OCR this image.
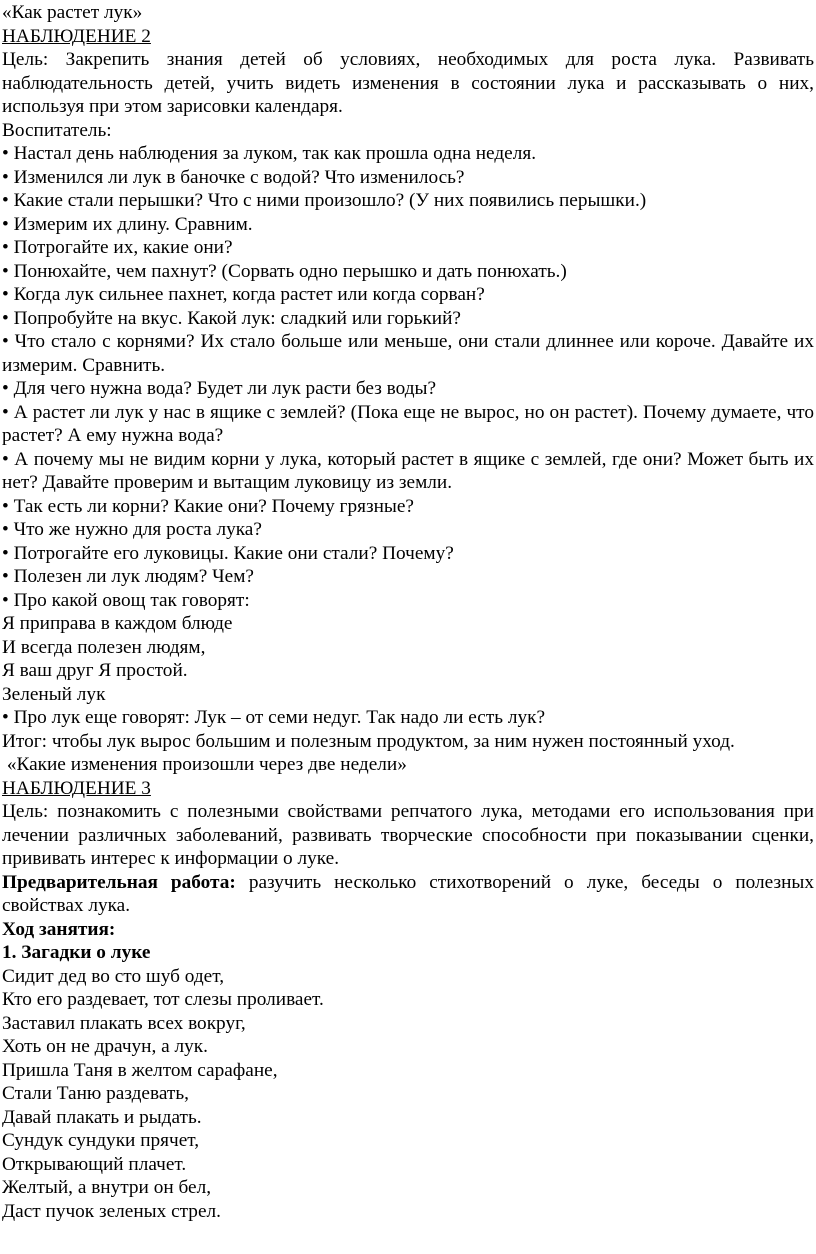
«Как растет лук»
НАБЛЮДЕНИЕ 2

Цель: Закрепить знания детей об условиях, необходимых для роста лука. Развивать наблюдательность детей, учить видеть изменения в состоянии лука и рассказывать о них, используя при этом зарисовки календаря.

Воспитатель:
• Настал день наблюдения за луком, так как прошла одна неделя.
• Изменился ли лук в баночке с водой? Что изменилось?
• Какие стали перышки? Что с ними произошло? (У них появились перышки.)
• Измерим их длину. Сравним.
• Потрогайте их, какие они?
• Понюхайте, чем пахнут? (Сорвать одно перышко и дать понюхать.)
• Когда лук сильнее пахнет, когда растет или когда сорван?
• Попробуйте на вкус. Какой лук: сладкий или горький?

• Что стало с корнями? Их стало больше или меньше, они стали длиннее или короче. Давайте их измерим. Сравнить.

• Для чего нужна вода? Будет ли лук расти без воды?

• А растет ли лук у нас в ящике с землей? (Пока еще не вырос, но он растет). Почему думаете, что растет? А ему нужна вода?

• А почему мы не видим корни у лука, который растет в ящике с землей, где они? Может быть их нет? Давайте проверим и вытащим луковицу из земли.

• Так есть ли корни? Какие они? Почему грязные?
• Что же нужно для роста лука?
• Потрогайте его луковицы. Какие они стали? Почему?
• Полезен ли лук людям? Чем?
• Про какой овощ так говорят:
Я приправа в каждом блюде
И всегда полезен людям,
Я ваш друг Я простой.
Зеленый лук
• Про лук еще говорят: Лук – от семи недуг. Так надо ли есть лук?
Итог: чтобы лук вырос большим и полезным продуктом, за ним нужен постоянный уход.
«Какие изменения произошли через две недели»
НАБЛЮДЕНИЕ 3

Цель: познакомить с полезными свойствами репчатого лука, методами его использования при лечении различных заболеваний, развивать творческие способности при показывании сценки, прививать интерес к информации о луке.

Предварительная работа: разучить несколько стихотворений о луке, беседы о полезных свойствах лука.

Ход занятия:
1. Загадки о луке
Сидит дед во сто шуб одет,
Кто его раздевает, тот слезы проливает.
Заставил плакать всех вокруг,
Хоть он не драчун, а лук.
Пришла Таня в желтом сарафане,
Стали Таню раздевать,
Давай плакать и рыдать.
Сундук сундуки прячет,
Открывающий плачет.
Желтый, а внутри он бел,
Даст пучок зеленых стрел.
